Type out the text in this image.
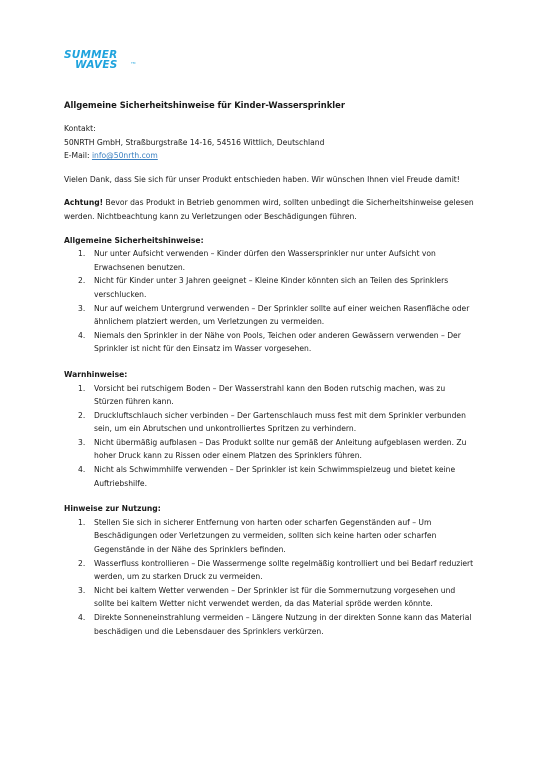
SUMMER
WAVES	TM
Allgemeine Sicherheitshinweise für Kinder-Wassersprinkler

Kontakt:

50NRTH GmbH, Straßburgstraße 14-16, 54516 Wittlich, Deutschland

E-Mail: info@50nrth.com

Vielen Dank, dass Sie sich für unser Produkt entschieden haben. Wir wünschen Ihnen viel Freude damit!

Achtung! Bevor das Produkt in Betrieb genommen wird, sollten unbedingt die Sicherheitshinweise gelesen werden. Nichtbeachtung kann zu Verletzungen oder Beschädigungen führen.

Allgemeine Sicherheitshinweise:

1. Nur unter Aufsicht verwenden – Kinder dürfen den Wassersprinkler nur unter Aufsicht von Erwachsenen benutzen.
2. Nicht für Kinder unter 3 Jahren geeignet – Kleine Kinder könnten sich an Teilen des Sprinklers verschlucken.
3. Nur auf weichem Untergrund verwenden – Der Sprinkler sollte auf einer weichen Rasenfläche oder ähnlichem platziert werden, um Verletzungen zu vermeiden.
4. Niemals den Sprinkler in der Nähe von Pools, Teichen oder anderen Gewässern verwenden – Der Sprinkler ist nicht für den Einsatz im Wasser vorgesehen.

Warnhinweise:

1. Vorsicht bei rutschigem Boden – Der Wasserstrahl kann den Boden rutschig machen, was zu Stürzen führen kann.
2. Druckluftschlauch sicher verbinden – Der Gartenschlauch muss fest mit dem Sprinkler verbunden sein, um ein Abrutschen und unkontrolliertes Spritzen zu verhindern.
3. Nicht übermäßig aufblasen – Das Produkt sollte nur gemäß der Anleitung aufgeblasen werden. Zu hoher Druck kann zu Rissen oder einem Platzen des Sprinklers führen.
4. Nicht als Schwimmhilfe verwenden – Der Sprinkler ist kein Schwimmspielzeug und bietet keine Auftriebshilfe.

Hinweise zur Nutzung:

1. Stellen Sie sich in sicherer Entfernung von harten oder scharfen Gegenständen auf – Um Beschädigungen oder Verletzungen zu vermeiden, sollten sich keine harten oder scharfen Gegenstände in der Nähe des Sprinklers befinden.
2. Wasserfluss kontrollieren – Die Wassermenge sollte regelmäßig kontrolliert und bei Bedarf reduziert werden, um zu starken Druck zu vermeiden.
3. Nicht bei kaltem Wetter verwenden – Der Sprinkler ist für die Sommernutzung vorgesehen und sollte bei kaltem Wetter nicht verwendet werden, da das Material spröde werden könnte.
4. Direkte Sonneneinstrahlung vermeiden – Längere Nutzung in der direkten Sonne kann das Material beschädigen und die Lebensdauer des Sprinklers verkürzen.
